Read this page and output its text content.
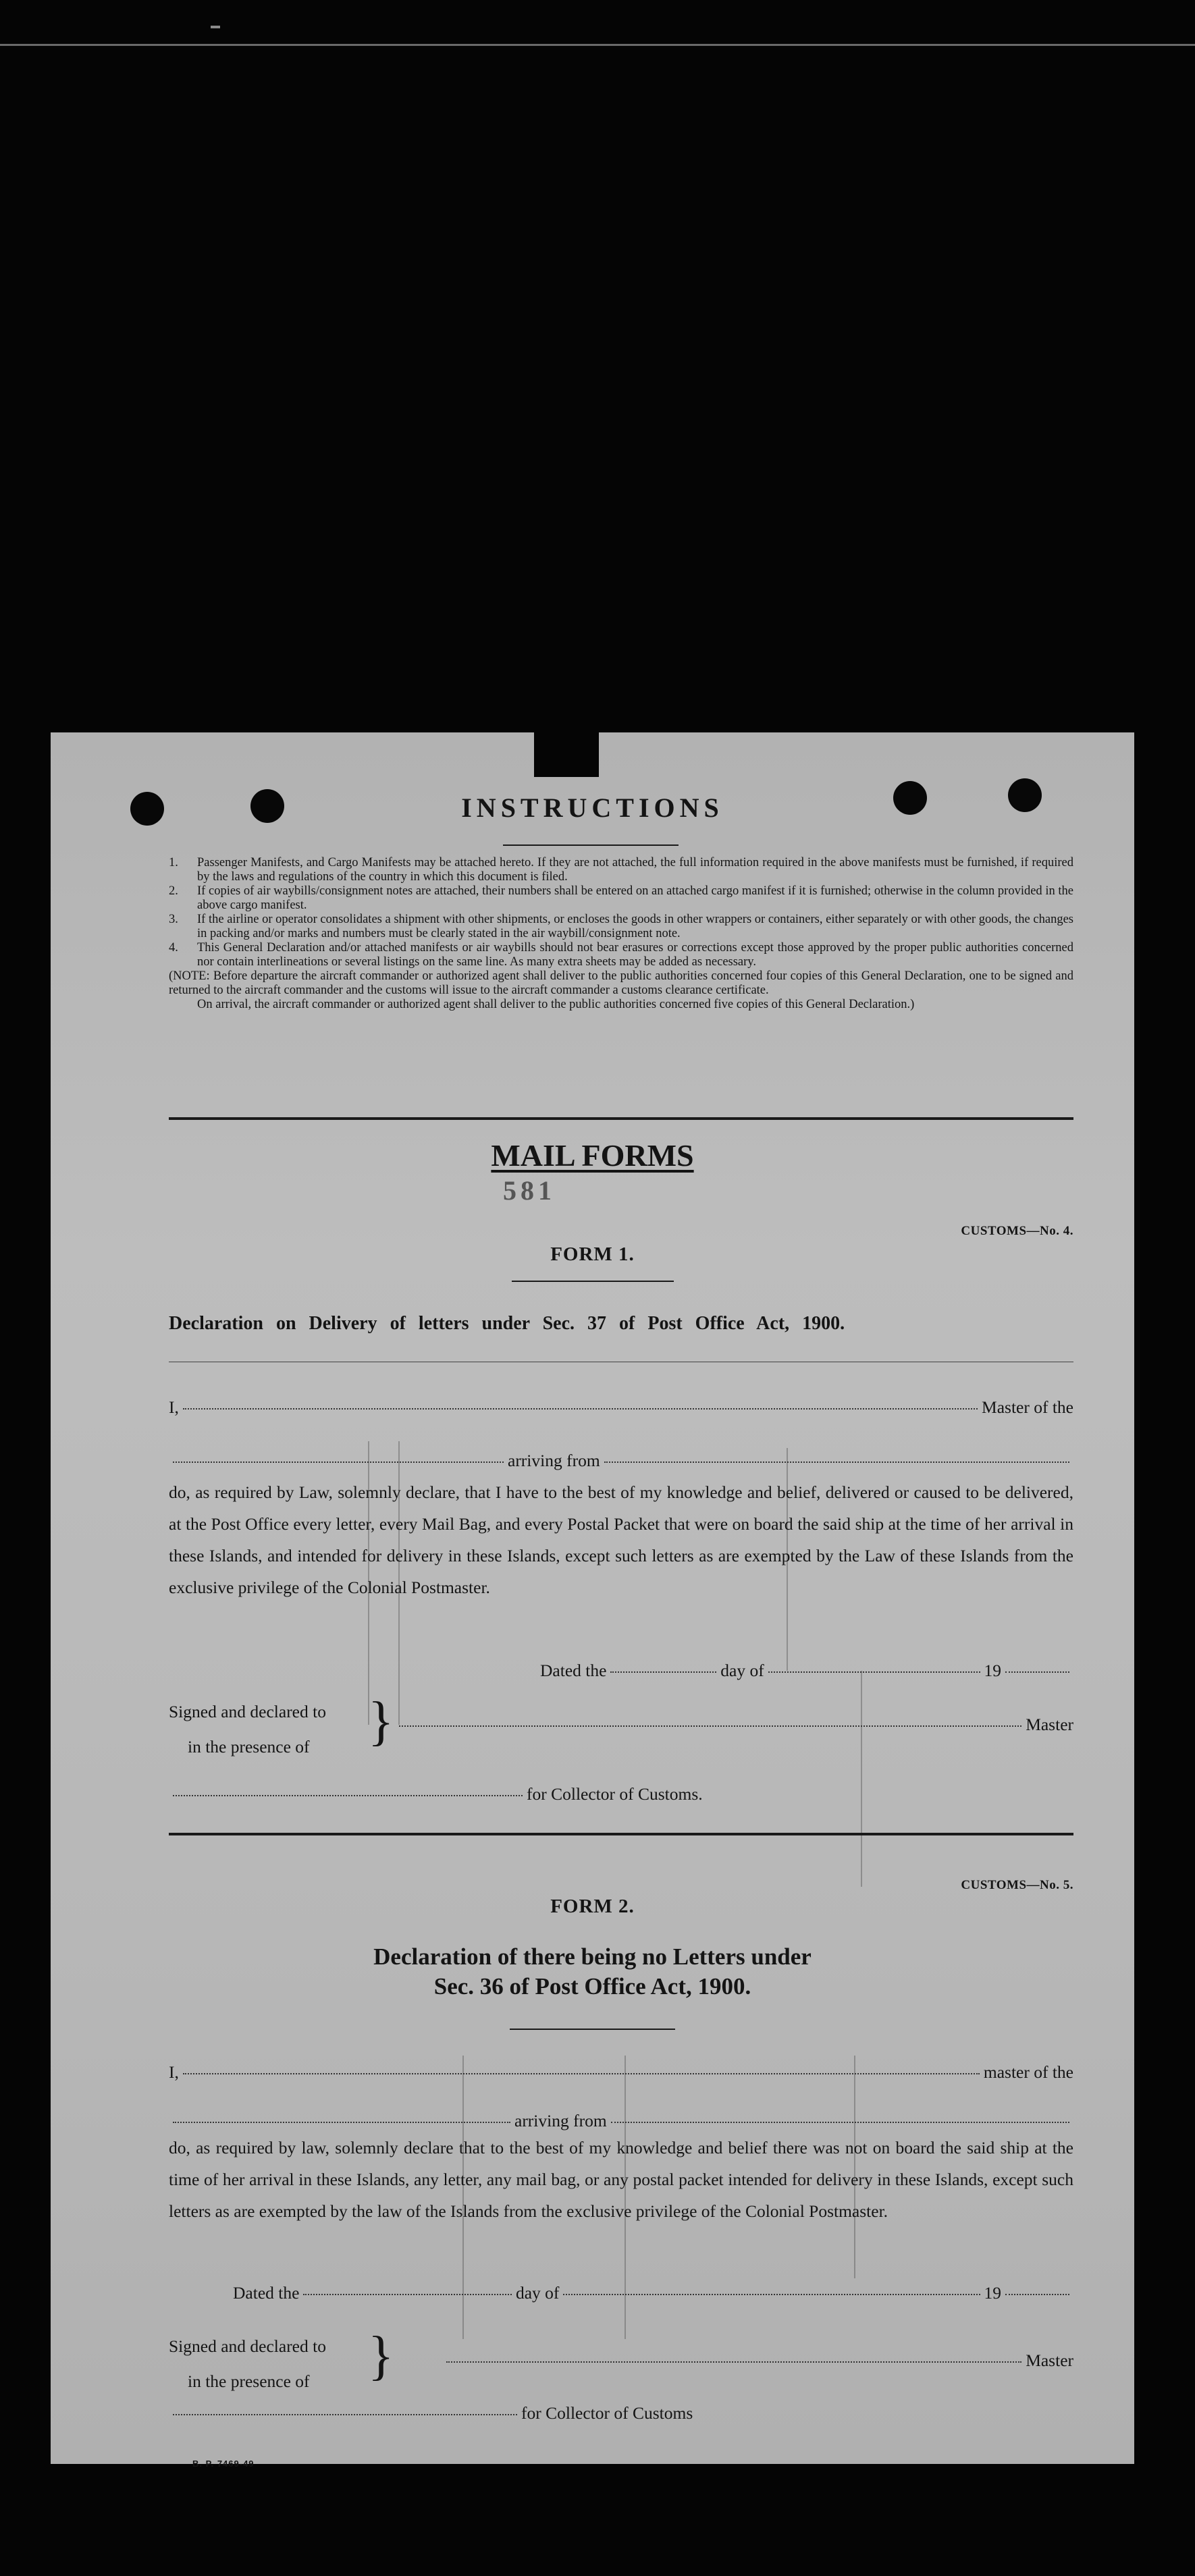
INSTRUCTIONS
1. Passenger Manifests, and Cargo Manifests may be attached hereto. If they are not attached, the full information required in the above manifests must be furnished, if required by the laws and regulations of the country in which this document is filed.
2. If copies of air waybills/consignment notes are attached, their numbers shall be entered on an attached cargo manifest if it is furnished; otherwise in the column provided in the above cargo manifest.
3. If the airline or operator consolidates a shipment with other shipments, or encloses the goods in other wrappers or containers, either separately or with other goods, the changes in packing and/or marks and numbers must be clearly stated in the air waybill/consignment note.
4. This General Declaration and/or attached manifests or air waybills should not bear erasures or corrections except those approved by the proper public authorities concerned nor contain interlineations or several listings on the same line. As many extra sheets may be added as necessary.
(NOTE: Before departure the aircraft commander or authorized agent shall deliver to the public authorities concerned four copies of this General Declaration, one to be signed and returned to the aircraft commander and the customs will issue to the aircraft commander a customs clearance certificate.
On arrival, the aircraft commander or authorized agent shall deliver to the public authorities concerned five copies of this General Declaration.)
MAIL FORMS
581
CUSTOMS—No. 4.
FORM 1.
Declaration on Delivery of letters under Sec. 37 of Post Office Act, 1900.
I,	Master of the
arriving from
do, as required by Law, solemnly declare, that I have to the best of my knowledge and belief, delivered or caused to be delivered, at the Post Office every letter, every Mail Bag, and every Postal Packet that were on board the said ship at the time of her arrival in these Islands, and intended for delivery in these Islands, except such letters as are exempted by the Law of these Islands from the exclusive privilege of the Colonial Postmaster.
Dated the	day of	19
Signed and declared to
in the presence of	}	Master
for Collector of Customs.
CUSTOMS—No. 5.
FORM 2.
Declaration of there being no Letters under
Sec. 36 of Post Office Act, 1900.
I,	master of the
arriving from
do, as required by law, solemnly declare that to the best of my knowledge and belief there was not on board the said ship at the time of her arrival in these Islands, any letter, any mail bag, or any postal packet intended for delivery in these Islands, except such letters as are exempted by the law of the Islands from the exclusive privilege of the Colonial Postmaster.
Dated the	day of	19
Signed and declared to
in the presence of	}	Master
for Collector of Customs
B. P. 7469-49
